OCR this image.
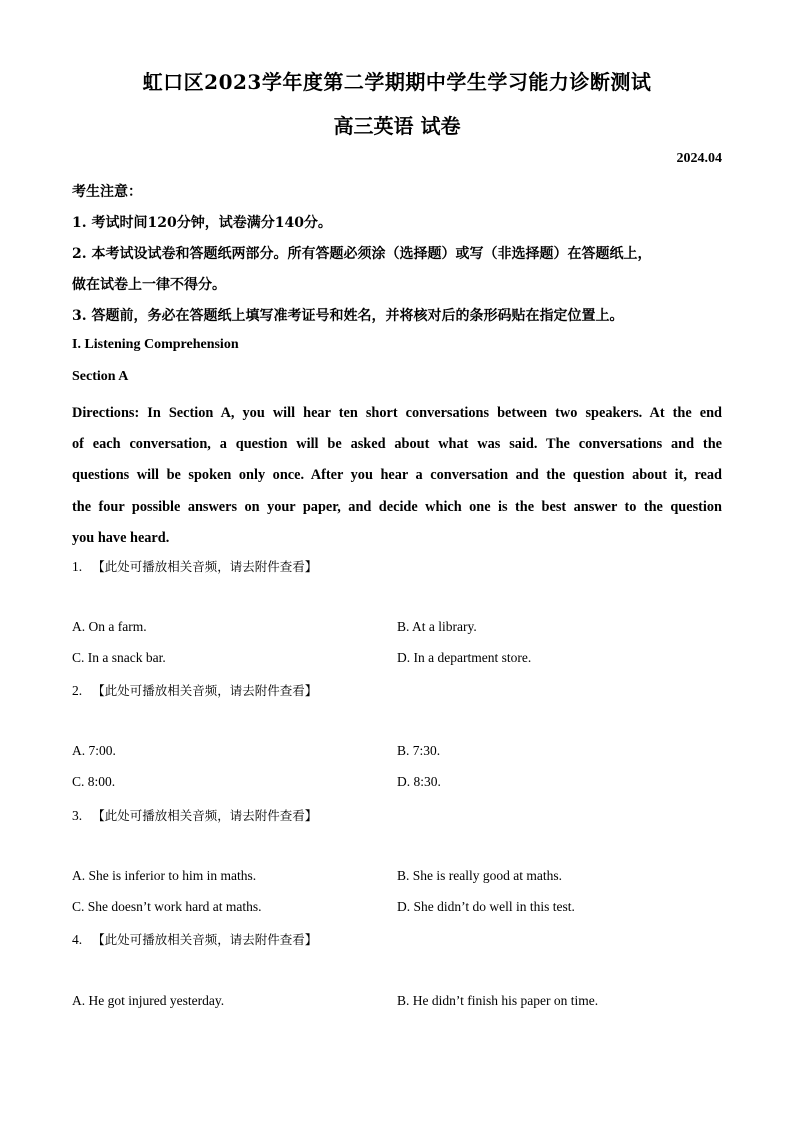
虹口区2023学年度第二学期期中学生学习能力诊断测试
高三英语 试卷
2024.04
考生注意：
1. 考试时间120分钟，试卷满分140分。
2. 本考试设试卷和答题纸两部分。所有答题必须涂（选择题）或写（非选择题）在答题纸上，
做在试卷上一律不得分。
3. 答题前，务必在答题纸上填写准考证号和姓名，并将核对后的条形码贴在指定位置上。
I. Listening Comprehension
Section A
Directions: In Section A, you will hear ten short conversations between two speakers. At the end
of each conversation, a question will be asked about what was said. The conversations and the
questions will be spoken only once. After you hear a conversation and the question about it, read
the four possible answers on your paper, and decide which one is the best answer to the question
you have heard.
1. 【此处可播放相关音频，请去附件查看】
A. On a farm.	B. At a library.
C. In a snack bar.	D. In a department store.
2. 【此处可播放相关音频，请去附件查看】
A. 7:00.	B. 7:30.
C. 8:00.	D. 8:30.
3. 【此处可播放相关音频，请去附件查看】
A. She is inferior to him in maths.	B. She is really good at maths.
C. She doesn’t work hard at maths.	D. She didn’t do well in this test.
4. 【此处可播放相关音频，请去附件查看】
A. He got injured yesterday.	B. He didn’t finish his paper on time.
